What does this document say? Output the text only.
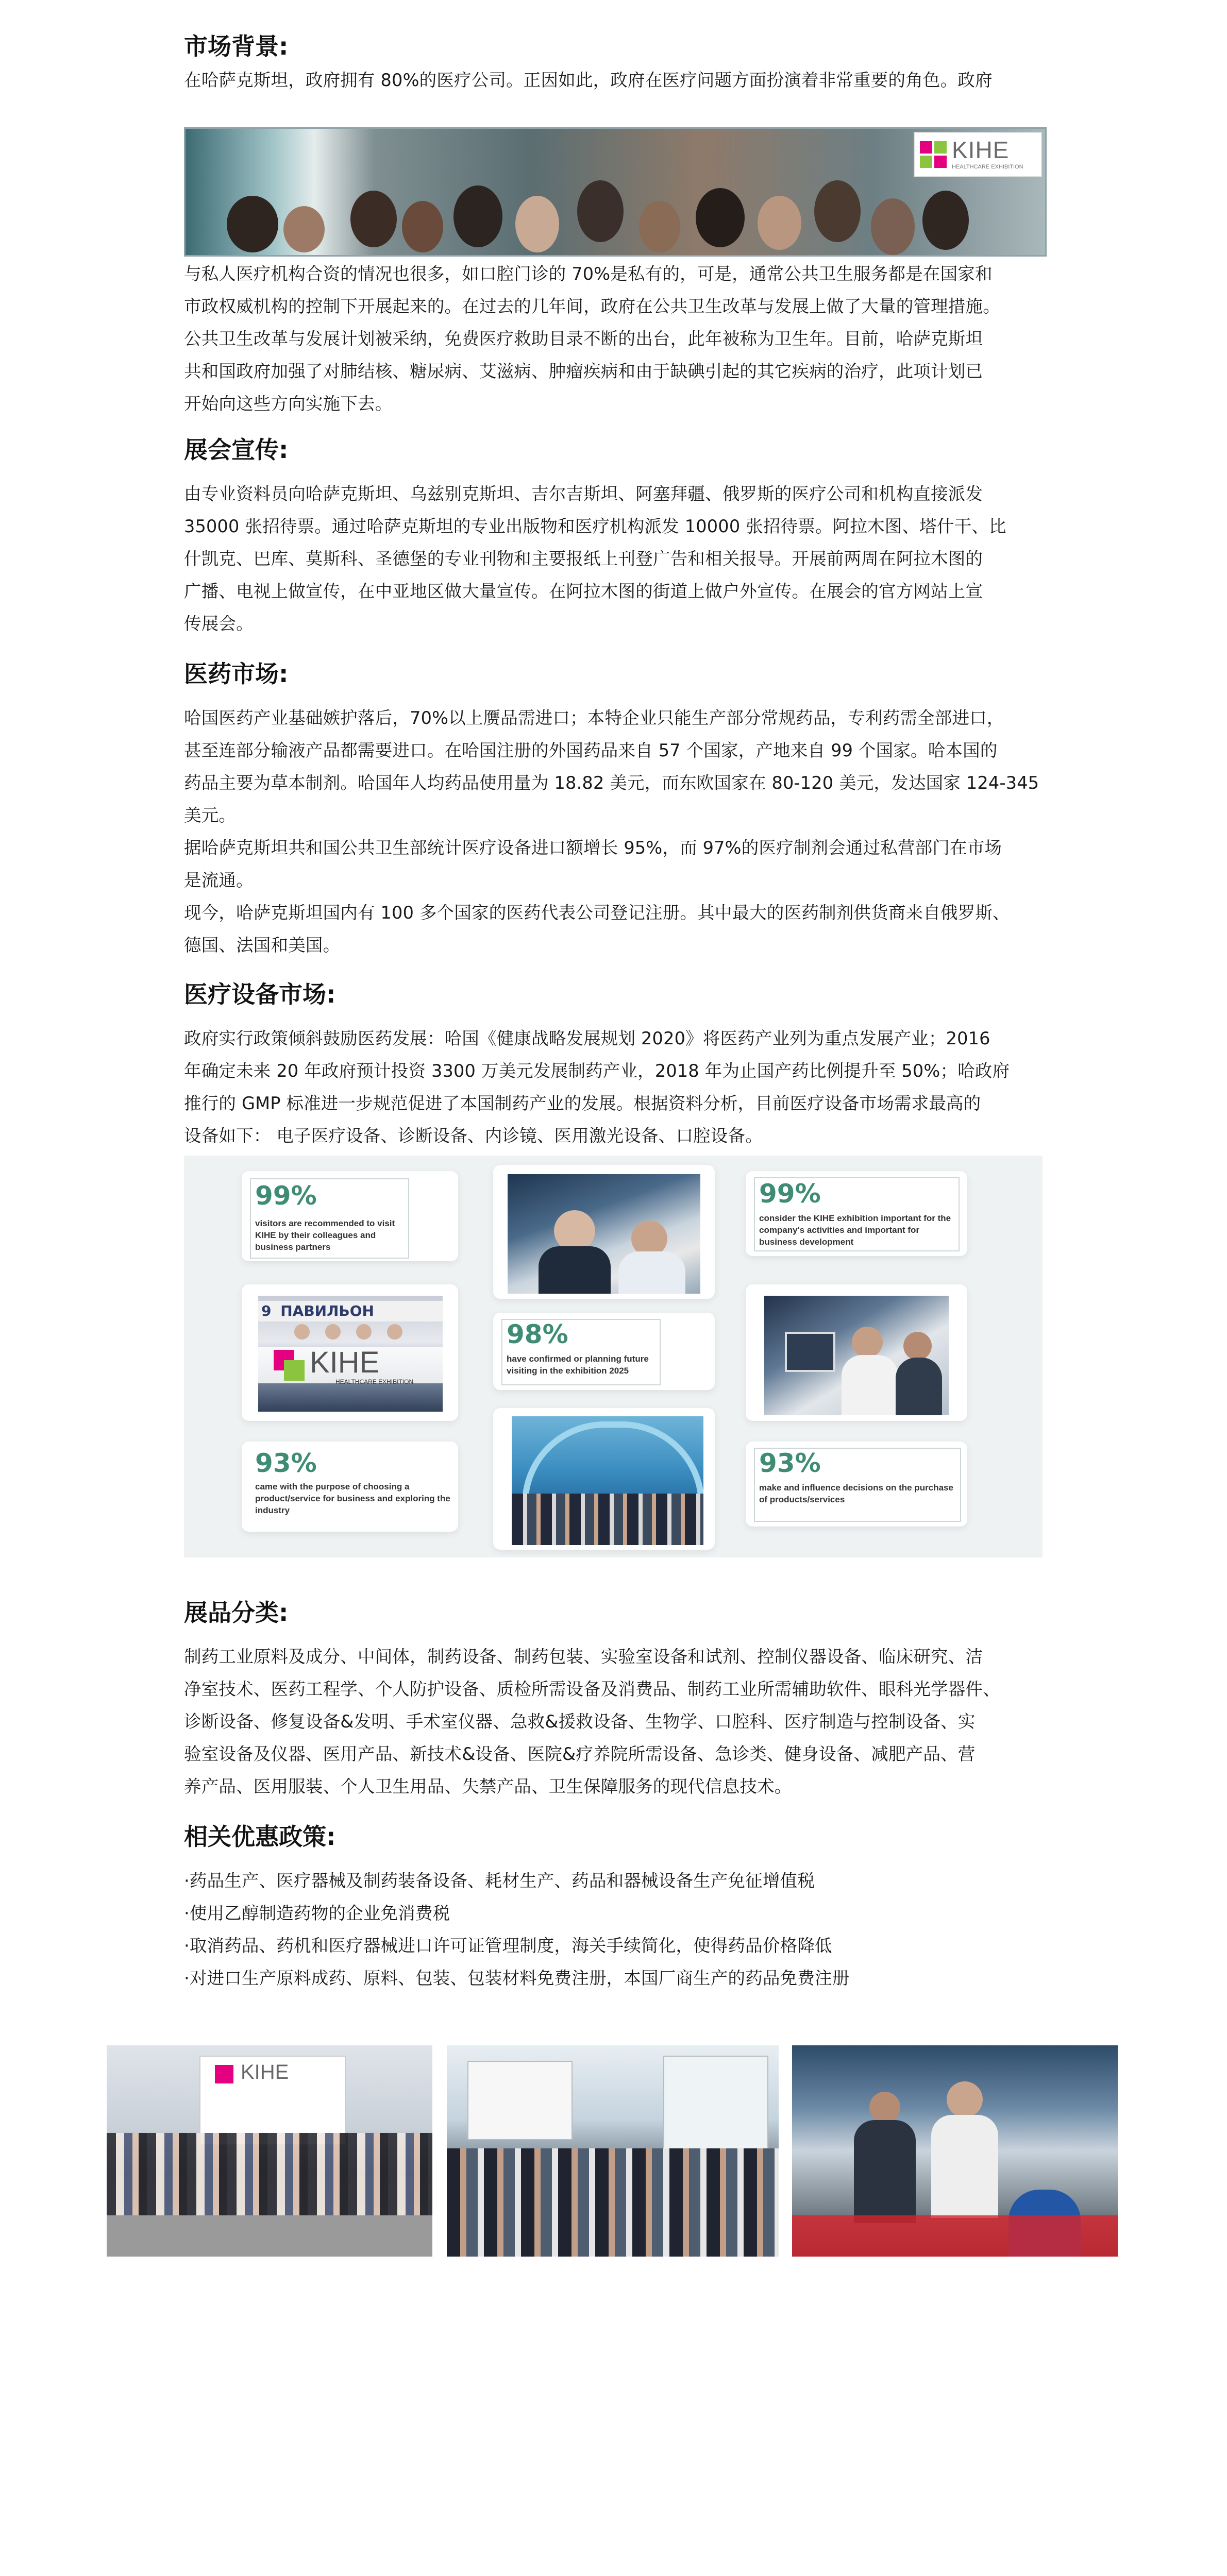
市场背景:

在哈萨克斯坦，政府拥有 80%的医疗公司。正因如此，政府在医疗问题方面扮演着非常重要的角色。政府

KIHE
HEALTHCARE EXHIBITION

与私人医疗机构合资的情况也很多，如口腔门诊的 70%是私有的，可是，通常公共卫生服务都是在国家和

市政权威机构的控制下开展起来的。在过去的几年间，政府在公共卫生改革与发展上做了大量的管理措施。

公共卫生改革与发展计划被采纳，免费医疗救助目录不断的出台，此年被称为卫生年。目前，哈萨克斯坦

共和国政府加强了对肺结核、糖尿病、艾滋病、肿瘤疾病和由于缺碘引起的其它疾病的治疗，此项计划已

开始向这些方向实施下去。

展会宣传:

由专业资料员向哈萨克斯坦、乌兹别克斯坦、吉尔吉斯坦、阿塞拜疆、俄罗斯的医疗公司和机构直接派发

35000 张招待票。通过哈萨克斯坦的专业出版物和医疗机构派发 10000 张招待票。阿拉木图、塔什干、比

什凯克、巴库、莫斯科、圣德堡的专业刊物和主要报纸上刊登广告和相关报导。开展前两周在阿拉木图的

广播、电视上做宣传，在中亚地区做大量宣传。在阿拉木图的街道上做户外宣传。在展会的官方网站上宣

传展会。

医药市场:

哈国医药产业基础嫉护落后，70%以上赝品需进口；本特企业只能生产部分常规药品，专利药需全部进口，

甚至连部分输液产品都需要进口。在哈国注册的外国药品来自 57 个国家，产地来自 99 个国家。哈本国的

药品主要为草本制剂。哈国年人均药品使用量为 18.82 美元，而东欧国家在 80-120 美元，发达国家 124-345

美元。

据哈萨克斯坦共和国公共卫生部统计医疗设备进口额增长 95%，而 97%的医疗制剂会通过私营部门在市场

是流通。

现今，哈萨克斯坦国内有 100 多个国家的医药代表公司登记注册。其中最大的医药制剂供货商来自俄罗斯、

德国、法国和美国。

医疗设备市场:

政府实行政策倾斜鼓励医药发展：哈国《健康战略发展规划 2020》将医药产业列为重点发展产业；2016

年确定未来 20 年政府预计投资 3300 万美元发展制药产业，2018 年为止国产药比例提升至 50%；哈政府

推行的 GMP 标准进一步规范促进了本国制药产业的发展。根据资料分析，目前医疗设备市场需求最高的

设备如下： 电子医疗设备、诊断设备、内诊镜、医用激光设备、口腔设备。

99%
visitors are recommended to visit KIHE by their colleagues and business partners
99%
consider the KIHE exhibition important for the company's activities and important for business development
9 ПАВИЛЬОН
KIHE
HEALTHCARE EXHIBITION
98%
have confirmed or planning future visiting in the exhibition 2025
93%
came with the purpose of choosing a product/service for business and exploring the industry
93%
make and influence decisions on the purchase of products/services
展品分类:

制药工业原料及成分、中间体，制药设备、制药包装、实验室设备和试剂、控制仪器设备、临床研究、洁

净室技术、医药工程学、个人防护设备、质检所需设备及消费品、制药工业所需辅助软件、眼科光学器件、

诊断设备、修复设备&发明、手术室仪器、急救&援救设备、生物学、口腔科、医疗制造与控制设备、实

验室设备及仪器、医用产品、新技术&设备、医院&疗养院所需设备、急诊类、健身设备、减肥产品、营

养产品、医用服装、个人卫生用品、失禁产品、卫生保障服务的现代信息技术。

相关优惠政策:

·药品生产、医疗器械及制药装备设备、耗材生产、药品和器械设备生产免征增值税

·使用乙醇制造药物的企业免消费税

·取消药品、药机和医疗器械进口许可证管理制度，海关手续简化，使得药品价格降低

·对进口生产原料成药、原料、包装、包装材料免费注册，本国厂商生产的药品免费注册

KIHE
